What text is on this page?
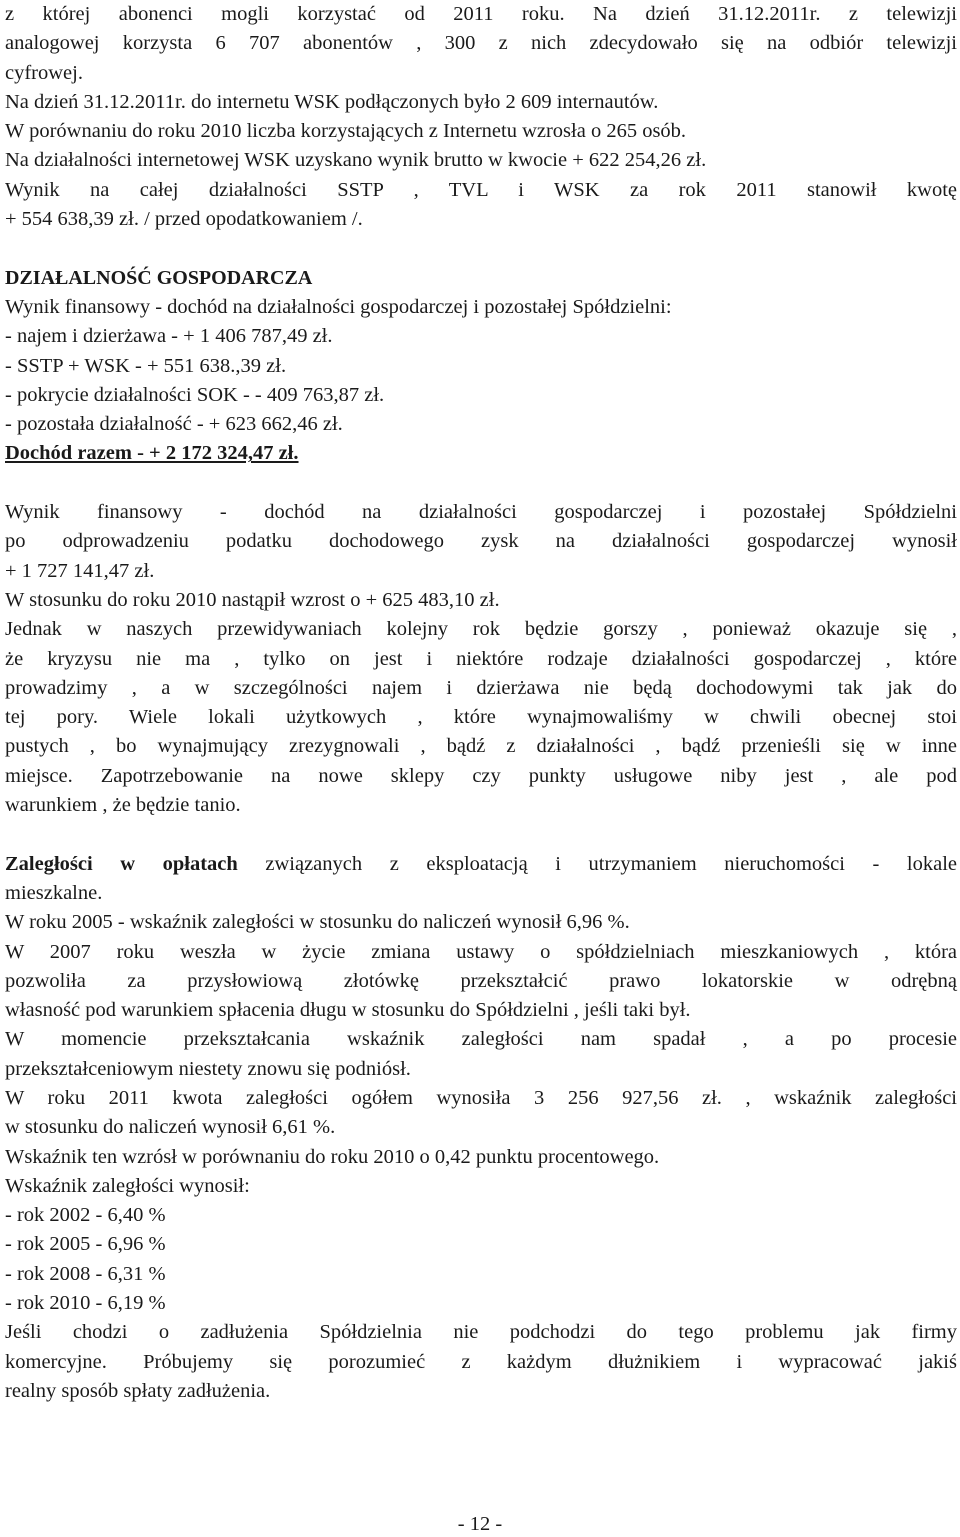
z której abonenci mogli korzystać od 2011 roku. Na dzień 31.12.2011r. z telewizji
analogowej korzysta 6 707 abonentów , 300 z nich zdecydowało się na odbiór telewizji
cyfrowej.
Na dzień 31.12.2011r. do internetu WSK podłączonych było 2 609 internautów.
W porównaniu do roku 2010 liczba korzystających z Internetu wzrosła o 265 osób.
Na działalności internetowej WSK uzyskano wynik brutto w kwocie + 622 254,26 zł.
Wynik na całej działalności SSTP , TVL i WSK za rok 2011 stanowił kwotę
+ 554 638,39 zł. / przed opodatkowaniem /.
DZIAŁALNOŚĆ GOSPODARCZA
Wynik finansowy - dochód na działalności gospodarczej i pozostałej Spółdzielni:
- najem i dzierżawa - + 1 406 787,49 zł.
- SSTP + WSK - + 551 638.,39 zł.
- pokrycie działalności SOK - - 409 763,87 zł.
- pozostała działalność - + 623 662,46 zł.
Dochód razem - + 2 172 324,47 zł.
Wynik finansowy - dochód na działalności gospodarczej i pozostałej Spółdzielni
po odprowadzeniu podatku dochodowego zysk na działalności gospodarczej wynosił
+ 1 727 141,47 zł.
W stosunku do roku 2010 nastąpił wzrost o + 625 483,10 zł.
Jednak w naszych przewidywaniach kolejny rok będzie gorszy , ponieważ okazuje się ,
że kryzysu nie ma , tylko on jest i niektóre rodzaje działalności gospodarczej , które
prowadzimy , a w szczególności najem i dzierżawa nie będą dochodowymi tak jak do
tej pory. Wiele lokali użytkowych , które wynajmowaliśmy w chwili obecnej stoi
pustych , bo wynajmujący zrezygnowali , bądź z działalności , bądź przenieśli się w inne
miejsce. Zapotrzebowanie na nowe sklepy czy punkty usługowe niby jest , ale pod
warunkiem , że będzie tanio.
Zaległości w opłatach związanych z eksploatacją i utrzymaniem nieruchomości - lokale
mieszkalne.
W roku 2005 - wskaźnik zaległości w stosunku do naliczeń wynosił 6,96 %.
W 2007 roku weszła w życie zmiana ustawy o spółdzielniach mieszkaniowych , która
pozwoliła za przysłowiową złotówkę przekształcić prawo lokatorskie w odrębną
własność pod warunkiem spłacenia długu w stosunku do Spółdzielni , jeśli taki był.
W momencie przekształcania wskaźnik zaległości nam spadał , a po procesie
przekształceniowym niestety znowu się podniósł.
W roku 2011 kwota zaległości ogółem wynosiła 3 256 927,56 zł. , wskaźnik zaległości
w stosunku do naliczeń wynosił 6,61 %.
Wskaźnik ten wzrósł w porównaniu do roku 2010 o 0,42 punktu procentowego.
Wskaźnik zaległości wynosił:
- rok 2002 - 6,40 %
- rok 2005 - 6,96 %
- rok 2008 - 6,31 %
- rok 2010 - 6,19 %
Jeśli chodzi o zadłużenia Spółdzielnia nie podchodzi do tego problemu jak firmy
komercyjne. Próbujemy się porozumieć z każdym dłużnikiem i wypracować jakiś
realny sposób spłaty zadłużenia.
- 12 -
